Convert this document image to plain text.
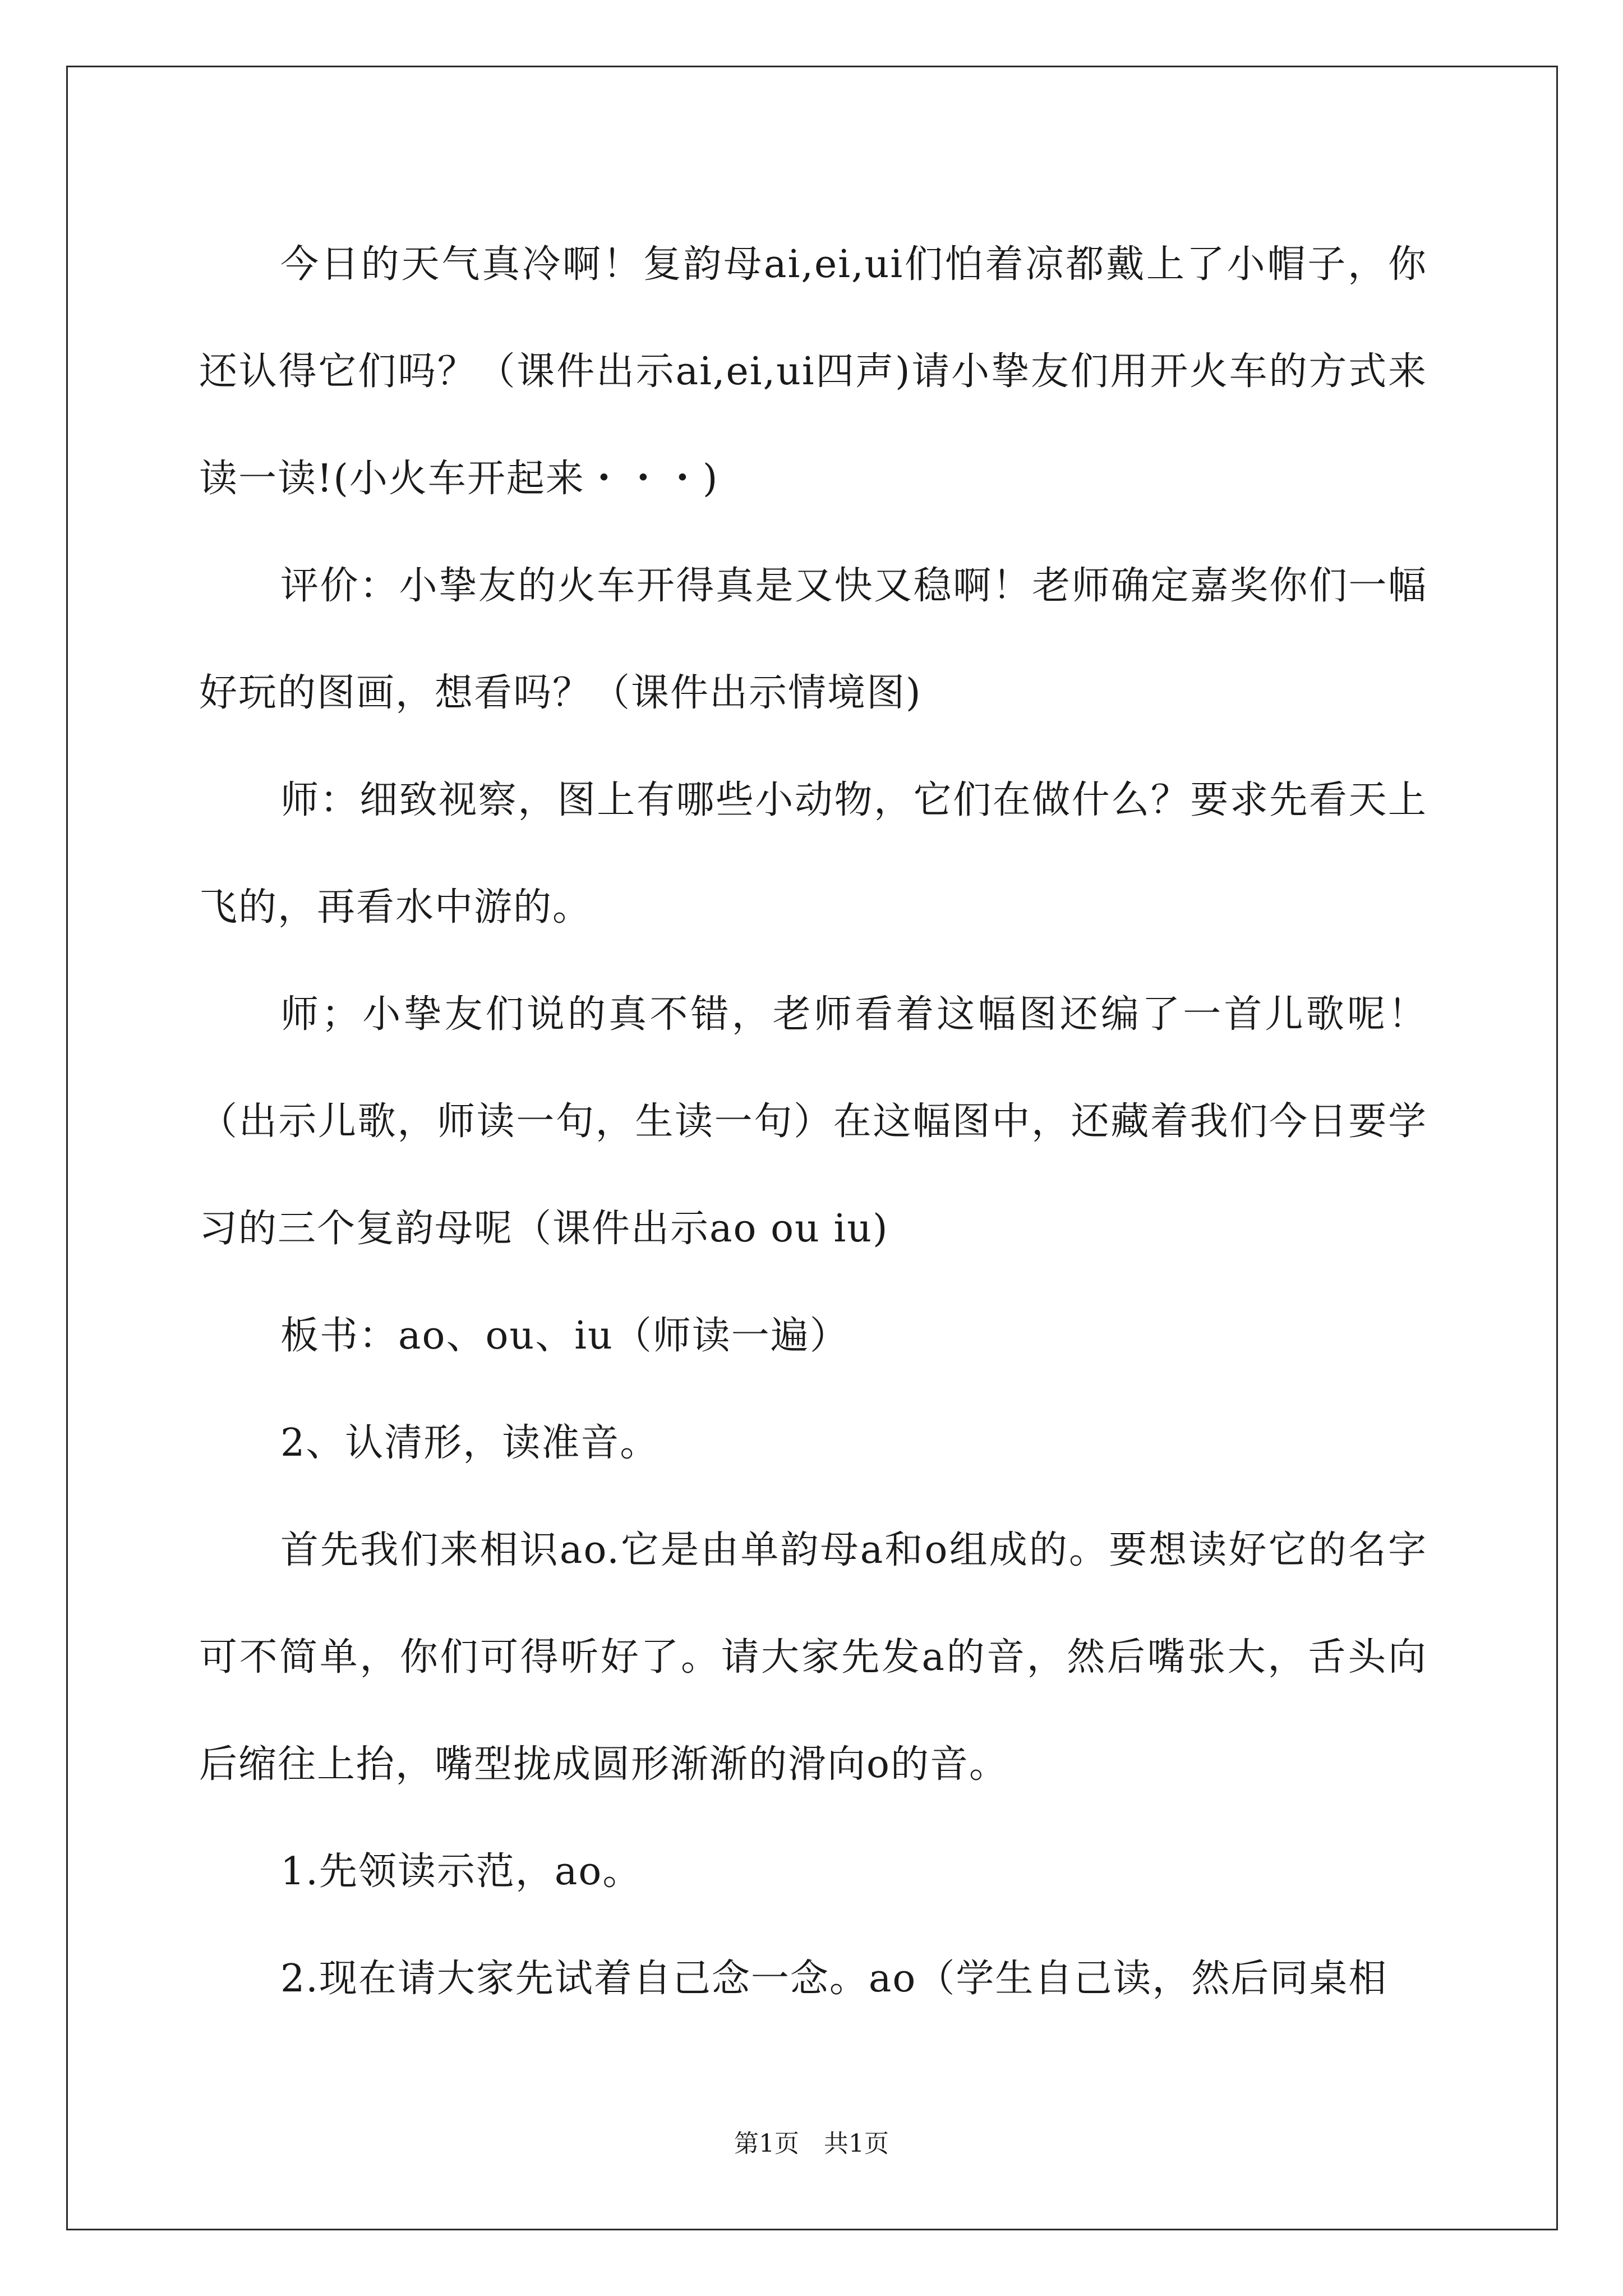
今日的天气真冷啊！复韵母ai,ei,ui们怕着凉都戴上了小帽子，你还认得它们吗？（课件出示ai,ei,ui四声)请小挚友们用开火车的方式来读一读!(小火车开起来・・・)

评价：小挚友的火车开得真是又快又稳啊！老师确定嘉奖你们一幅好玩的图画，想看吗？（课件出示情境图)

师：细致视察，图上有哪些小动物，它们在做什么？要求先看天上飞的，再看水中游的。

师；小挚友们说的真不错，老师看着这幅图还编了一首儿歌呢！（出示儿歌，师读一句，生读一句）在这幅图中，还藏着我们今日要学习的三个复韵母呢（课件出示ao ou iu)

板书：ao、ou、iu（师读一遍）

2、认清形，读准音。

首先我们来相识ao.它是由单韵母a和o组成的。要想读好它的名字可不简单，你们可得听好了。请大家先发a的音，然后嘴张大，舌头向后缩往上抬，嘴型拢成圆形渐渐的滑向o的音。

1.先领读示范，ao。

2.现在请大家先试着自己念一念。ao（学生自己读，然后同桌相

第1页　共1页
